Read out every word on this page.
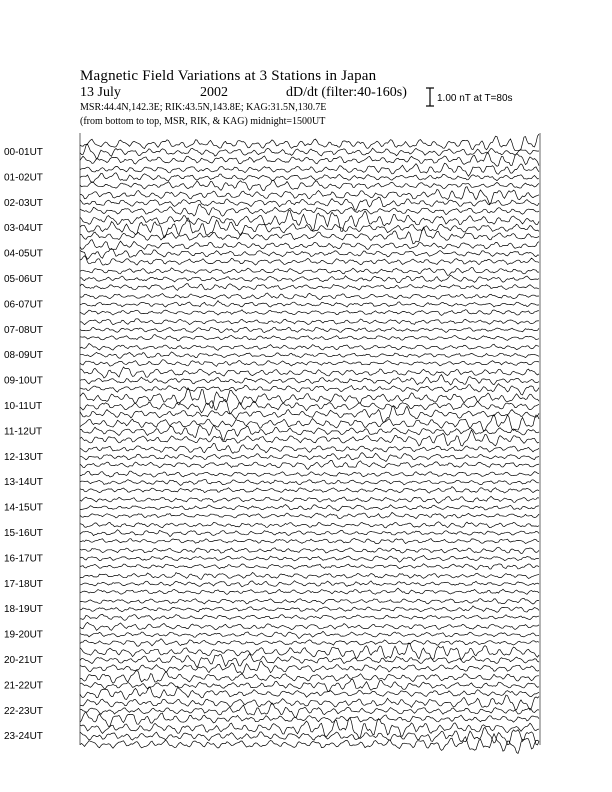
Magnetic Field Variations at 3 Stations in Japan
13 July	2002	dD/dt (filter:40-160s)
MSR:44.4N,142.3E; RIK:43.5N,143.8E; KAG:31.5N,130.7E
(from bottom to top, MSR, RIK, & KAG) midnight=1500UT
1.00 nT at T=80s
00-01UT
01-02UT
02-03UT
03-04UT
04-05UT
05-06UT
06-07UT
07-08UT
08-09UT
09-10UT
10-11UT
11-12UT
12-13UT
13-14UT
14-15UT
15-16UT
16-17UT
17-18UT
18-19UT
19-20UT
20-21UT
21-22UT
22-23UT
23-24UT
